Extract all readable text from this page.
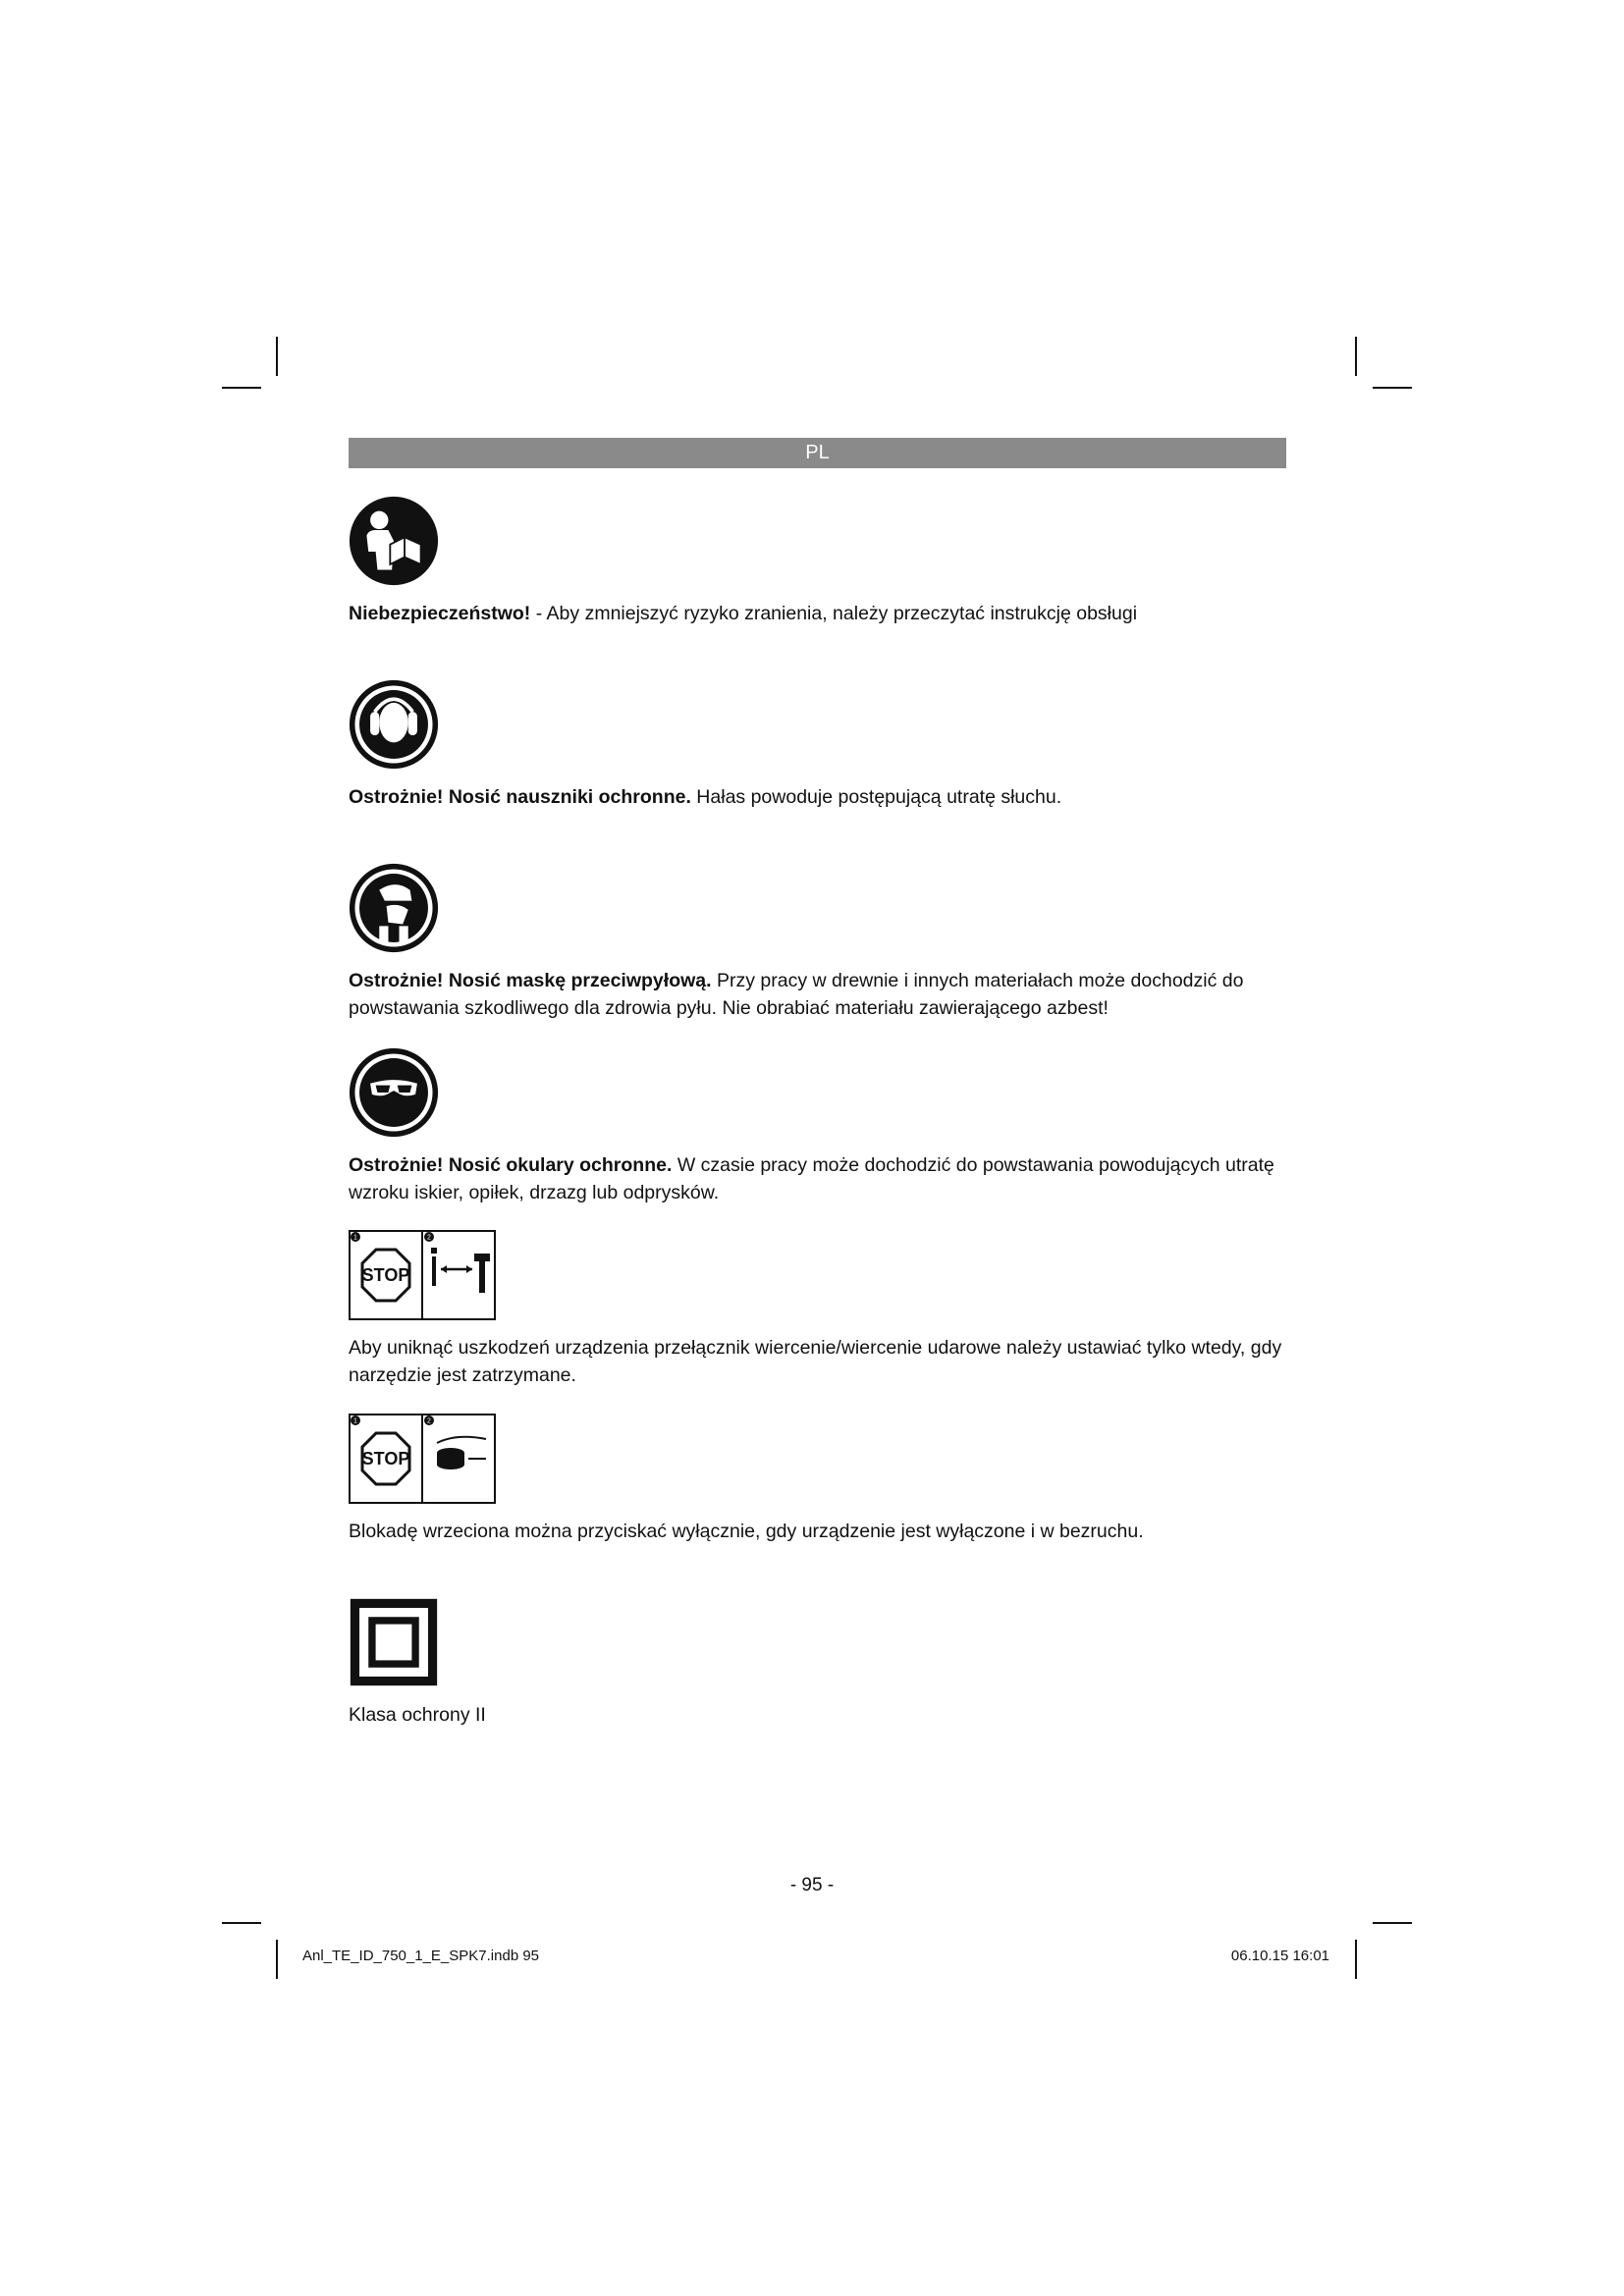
PL
Niebezpieczeństwo! - Aby zmniejszyć ryzyko zranienia, należy przeczytać instrukcję obsługi
Ostrożnie! Nosić nauszniki ochronne. Hałas powoduje postępującą utratę słuchu.
Ostrożnie! Nosić maskę przeciwpyłową. Przy pracy w drewnie i innych materiałach może dochodzić do powstawania szkodliwego dla zdrowia pyłu. Nie obrabiać materiału zawierającego azbest!
Ostrożnie! Nosić okulary ochronne. W czasie pracy może dochodzić do powstawania powodujących utratę wzroku iskier, opiłek, drzazg lub odprysków.
1	2
STOP
Aby uniknąć uszkodzeń urządzenia przełącznik wiercenie/wiercenie udarowe należy ustawiać tylko wtedy, gdy narzędzie jest zatrzymane.
1	2
STOP
Blokadę wrzeciona można przyciskać wyłącznie, gdy urządzenie jest wyłączone i w bezruchu.
Klasa ochrony II
- 95 -
Anl_TE_ID_750_1_E_SPK7.indb 95	06.10.15 16:01
